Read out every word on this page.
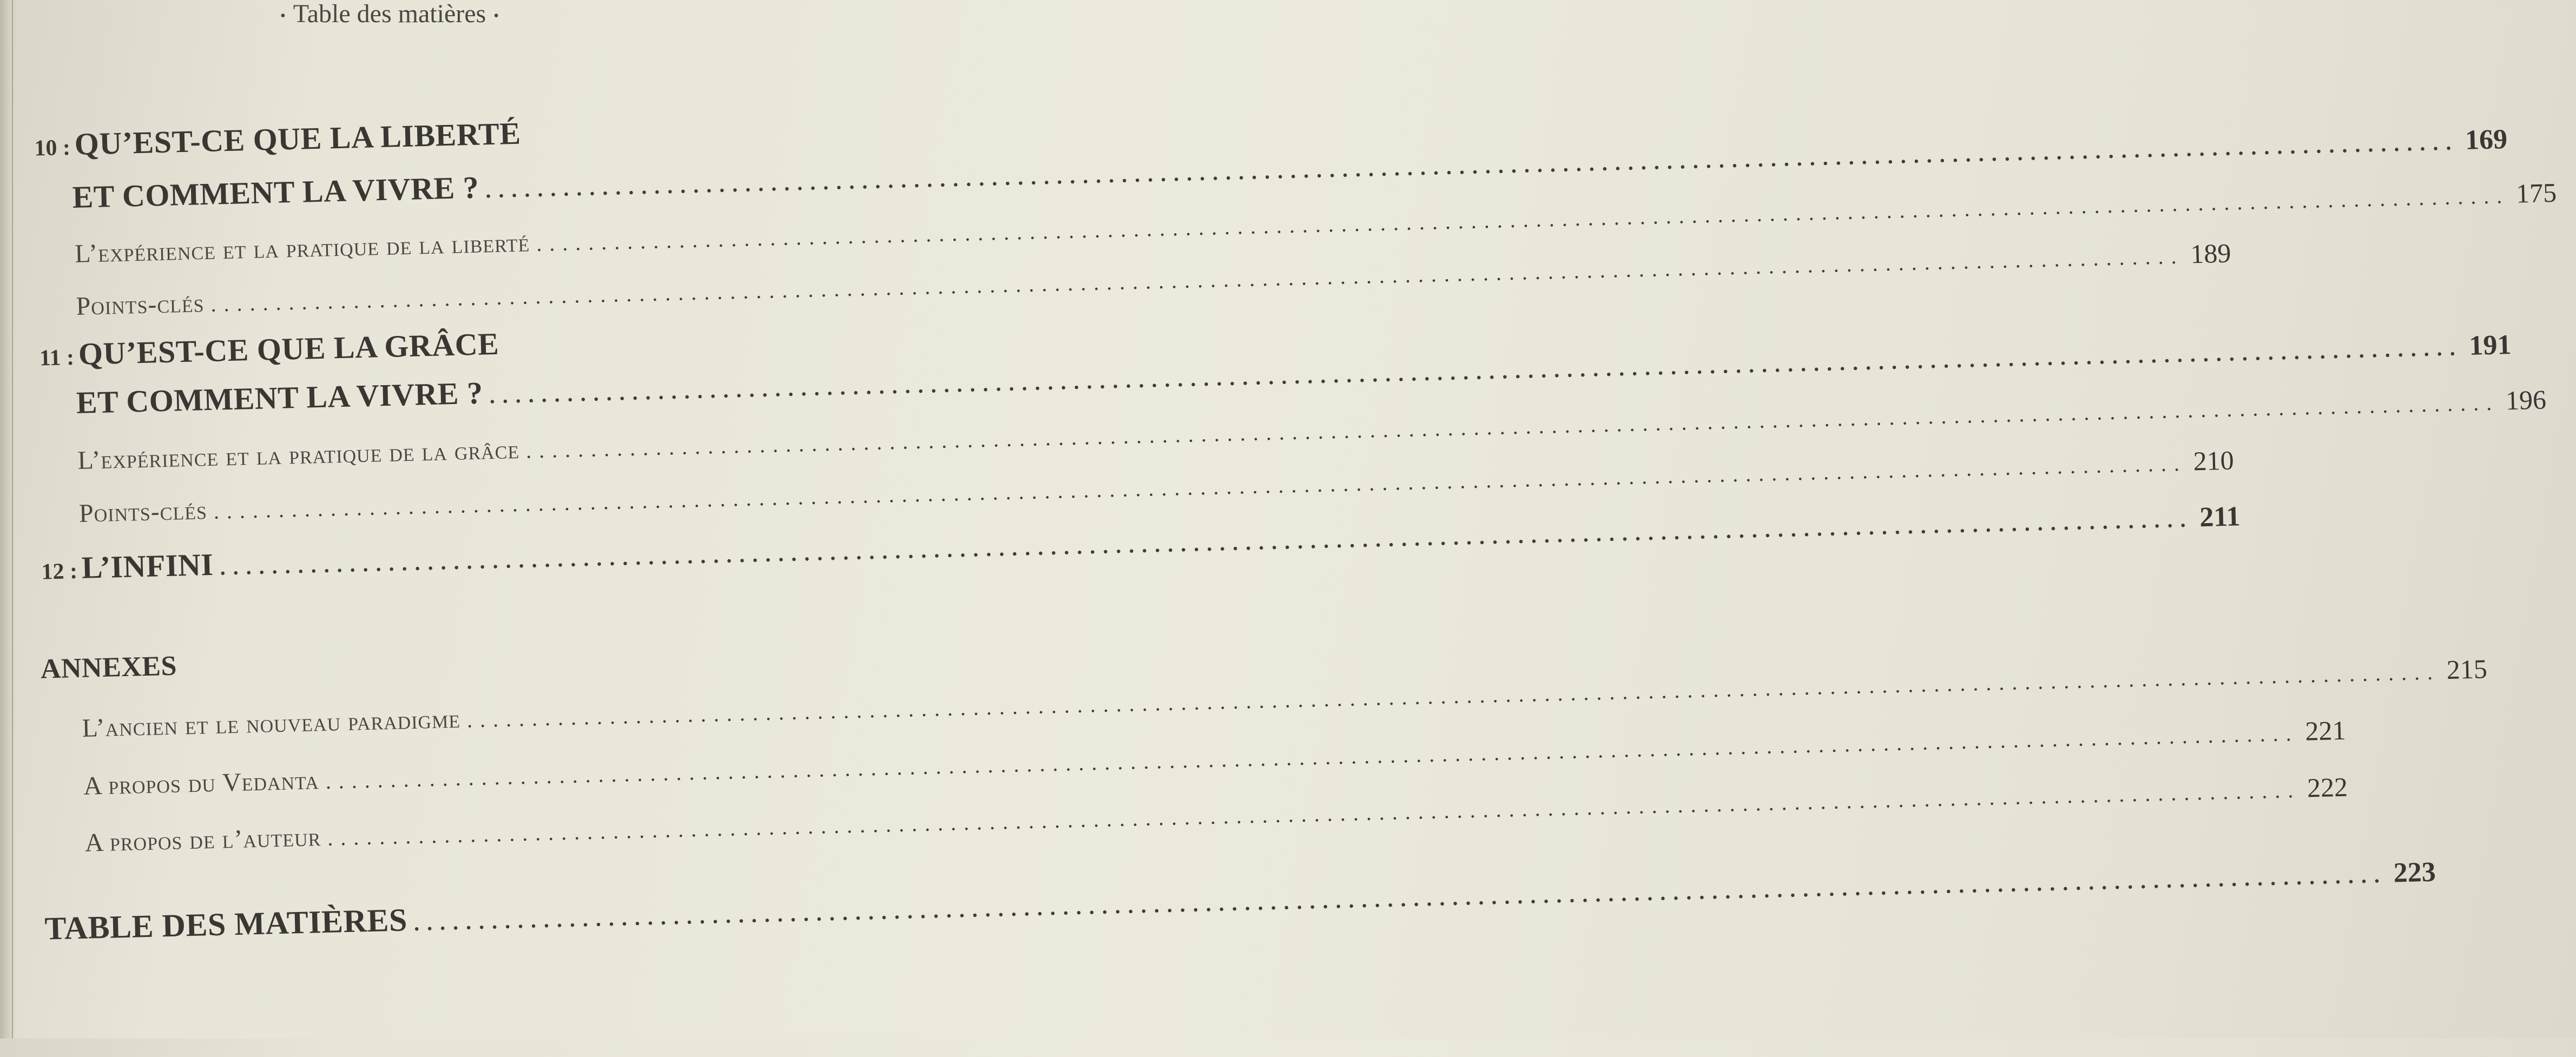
• Table des matières •
10 : QU’EST-CE QUE LA LIBERTÉ
ET COMMENT LA VIVRE ?
.....
169
L’expérience et la pratique de la liberté
.....
175
Points-clés
.....
189
11 : QU’EST-CE QUE LA GRÂCE
ET COMMENT LA VIVRE ?
.....
191
L’expérience et la pratique de la grâce
.....
196
Points-clés
.....
210
12 : L’INFINI
.....
211
ANNEXES
L’ancien et le nouveau paradigme
.....
215
A propos du Vedanta
.....
221
A propos de l’auteur
.....
222
TABLE DES MATIÈRES
.....
223
